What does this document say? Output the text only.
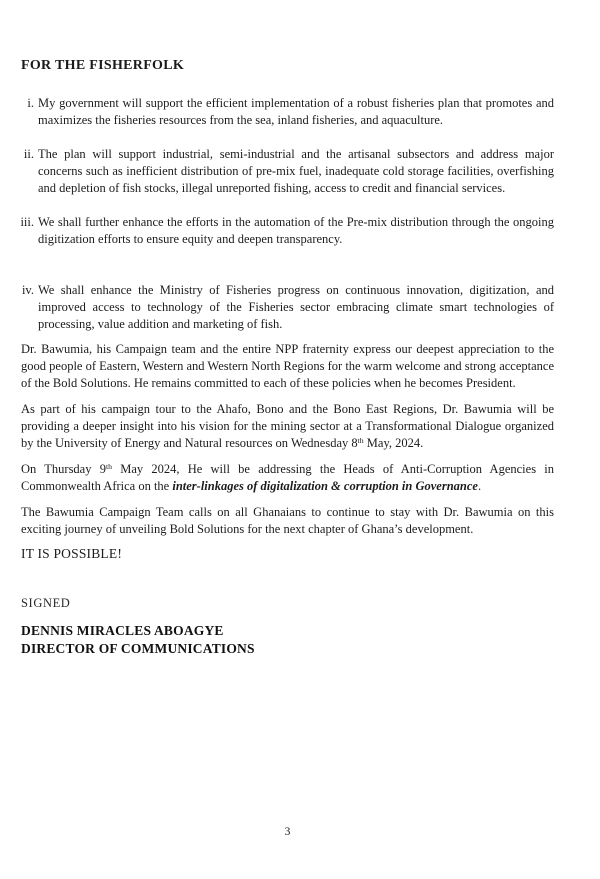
FOR THE FISHERFOLK
i. My government will support the efficient implementation of a robust fisheries plan that promotes and maximizes the fisheries resources from the sea, inland fisheries, and aquaculture.
ii. The plan will support industrial, semi-industrial and the artisanal subsectors and address major concerns such as inefficient distribution of pre-mix fuel, inadequate cold storage facilities, overfishing and depletion of fish stocks, illegal unreported fishing, access to credit and financial services.
iii. We shall further enhance the efforts in the automation of the Pre-mix distribution through the ongoing digitization efforts to ensure equity and deepen transparency.
iv. We shall enhance the Ministry of Fisheries progress on continuous innovation, digitization, and improved access to technology of the Fisheries sector embracing climate smart technologies of processing, value addition and marketing of fish.

Dr. Bawumia, his Campaign team and the entire NPP fraternity express our deepest appreciation to the good people of Eastern, Western and Western North Regions for the warm welcome and strong acceptance of the Bold Solutions. He remains committed to each of these policies when he becomes President.

As part of his campaign tour to the Ahafo, Bono and the Bono East Regions, Dr. Bawumia will be providing a deeper insight into his vision for the mining sector at a Transformational Dialogue organized by the University of Energy and Natural resources on Wednesday 8th May, 2024.

On Thursday 9th May 2024, He will be addressing the Heads of Anti-Corruption Agencies in Commonwealth Africa on the inter-linkages of digitalization & corruption in Governance.

The Bawumia Campaign Team calls on all Ghanaians to continue to stay with Dr. Bawumia on this exciting journey of unveiling Bold Solutions for the next chapter of Ghana’s development.

IT IS POSSIBLE!
SIGNED
DENNIS MIRACLES ABOAGYE
DIRECTOR OF COMMUNICATIONS
3
